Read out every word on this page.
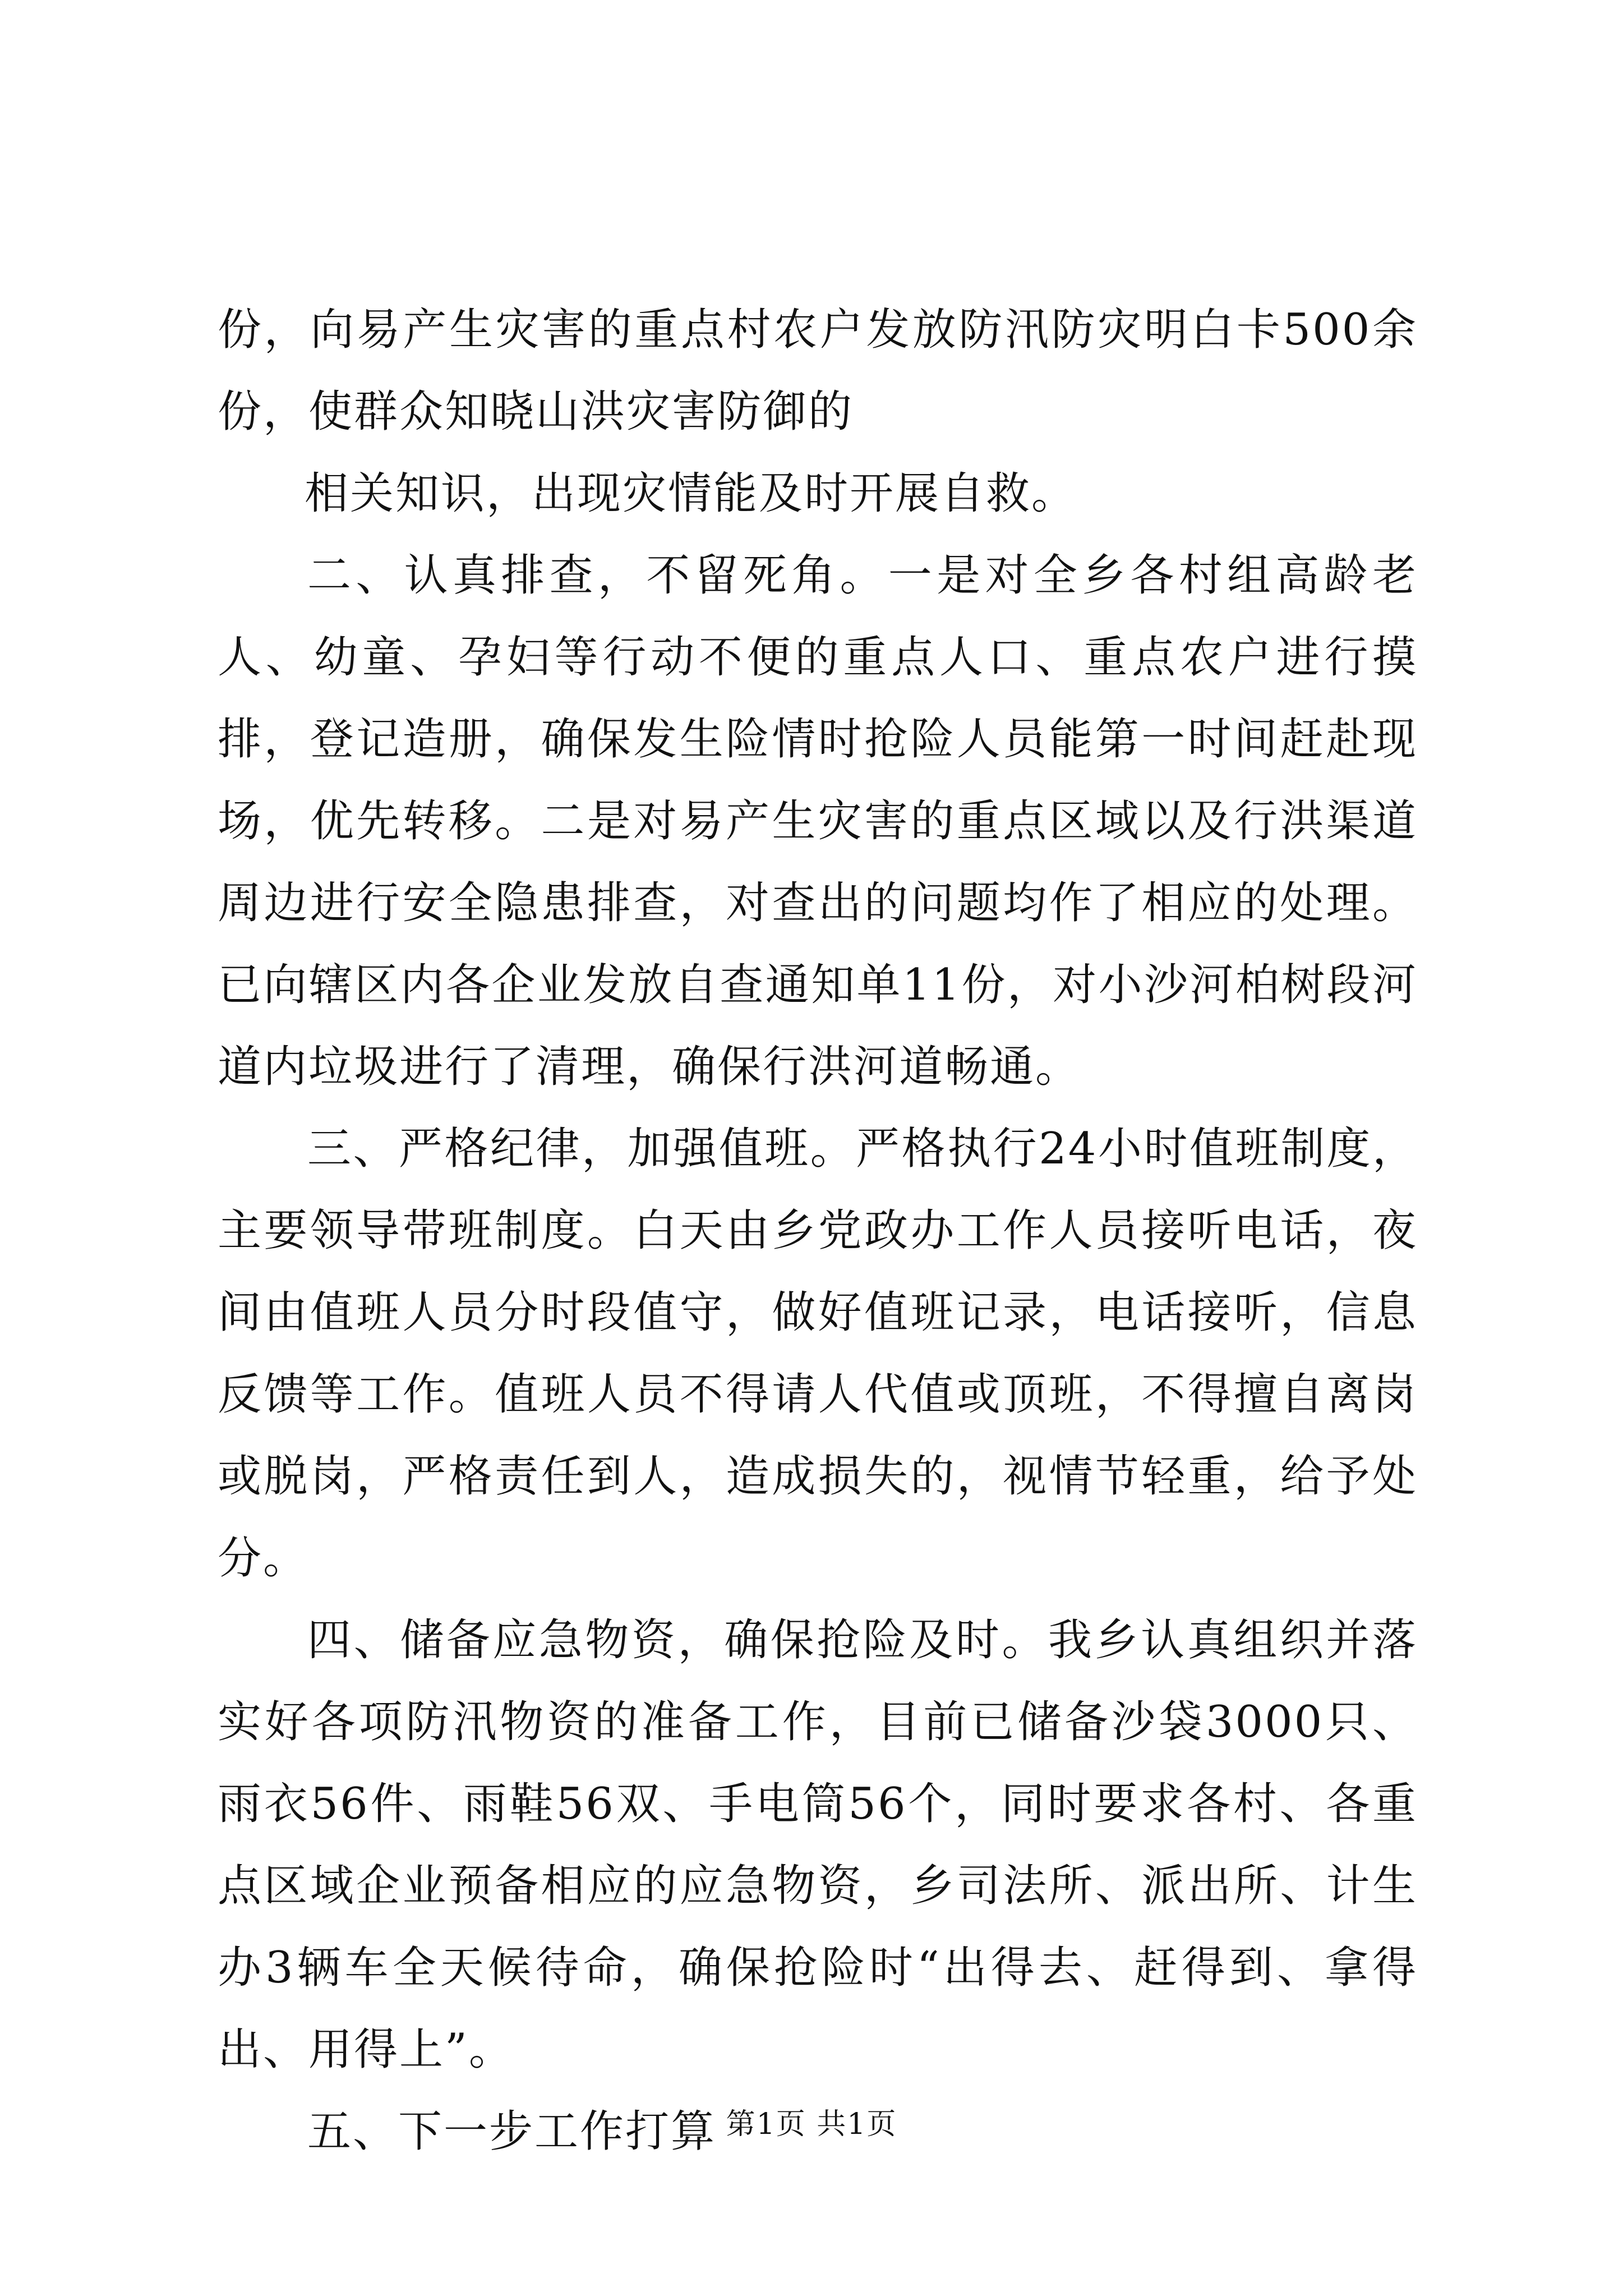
份，向易产生灾害的重点村农户发放防汛防灾明白卡500余份，使群众知晓山洪灾害防御的

相关知识，出现灾情能及时开展自救。

二、认真排查，不留死角。一是对全乡各村组高龄老人、幼童、孕妇等行动不便的重点人口、重点农户进行摸排，登记造册，确保发生险情时抢险人员能第一时间赶赴现场，优先转移。二是对易产生灾害的重点区域以及行洪渠道周边进行安全隐患排查，对查出的问题均作了相应的处理。已向辖区内各企业发放自查通知单11份，对小沙河柏树段河道内垃圾进行了清理，确保行洪河道畅通。

三、严格纪律，加强值班。严格执行24小时值班制度，主要领导带班制度。白天由乡党政办工作人员接听电话，夜间由值班人员分时段值守，做好值班记录，电话接听，信息反馈等工作。值班人员不得请人代值或顶班，不得擅自离岗或脱岗，严格责任到人，造成损失的，视情节轻重，给予处分。

四、储备应急物资，确保抢险及时。我乡认真组织并落实好各项防汛物资的准备工作，目前已储备沙袋3000只、雨衣56件、雨鞋56双、手电筒56个，同时要求各村、各重点区域企业预备相应的应急物资，乡司法所、派出所、计生办3辆车全天候待命，确保抢险时“出得去、赶得到、拿得出、用得上”。

五、下一步工作打算 第1页 共1页
